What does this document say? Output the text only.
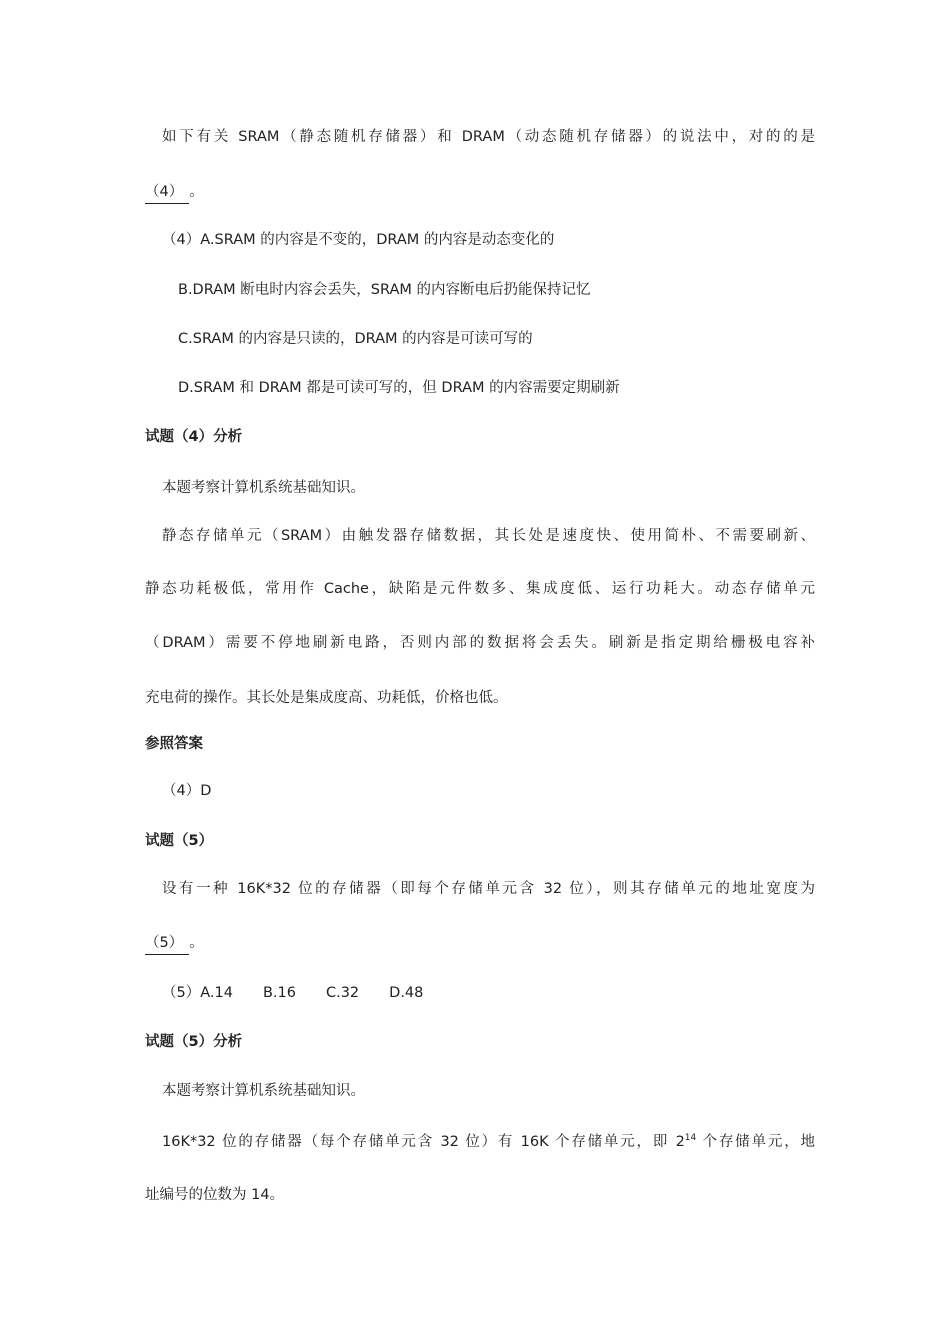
如下有关 SRAM（静态随机存储器）和 DRAM（动态随机存储器）的说法中，对的的是
（4） 。
（4）A.SRAM 的内容是不变的，DRAM 的内容是动态变化的
B.DRAM 断电时内容会丢失，SRAM 的内容断电后扔能保持记忆
C.SRAM 的内容是只读的，DRAM 的内容是可读可写的
D.SRAM 和 DRAM 都是可读可写的，但 DRAM 的内容需要定期刷新
试题（4）分析
本题考察计算机系统基础知识。
静态存储单元（SRAM）由触发器存储数据，其长处是速度快、使用简朴、不需要刷新、
静态功耗极低，常用作 Cache，缺陷是元件数多、集成度低、运行功耗大。动态存储单元
（DRAM）需要不停地刷新电路，否则内部的数据将会丢失。刷新是指定期给栅极电容补
充电荷的操作。其长处是集成度高、功耗低，价格也低。
参照答案
（4）D
试题（5）
设有一种 16K*32 位的存储器（即每个存储单元含 32 位），则其存储单元的地址宽度为
（5） 。
（5）A.14 B.16 C.32 D.48
试题（5）分析
本题考察计算机系统基础知识。
16K*32 位的存储器（每个存储单元含 32 位）有 16K 个存储单元，即 $2^{14}$ 个存储单元，地
址编号的位数为 14。
